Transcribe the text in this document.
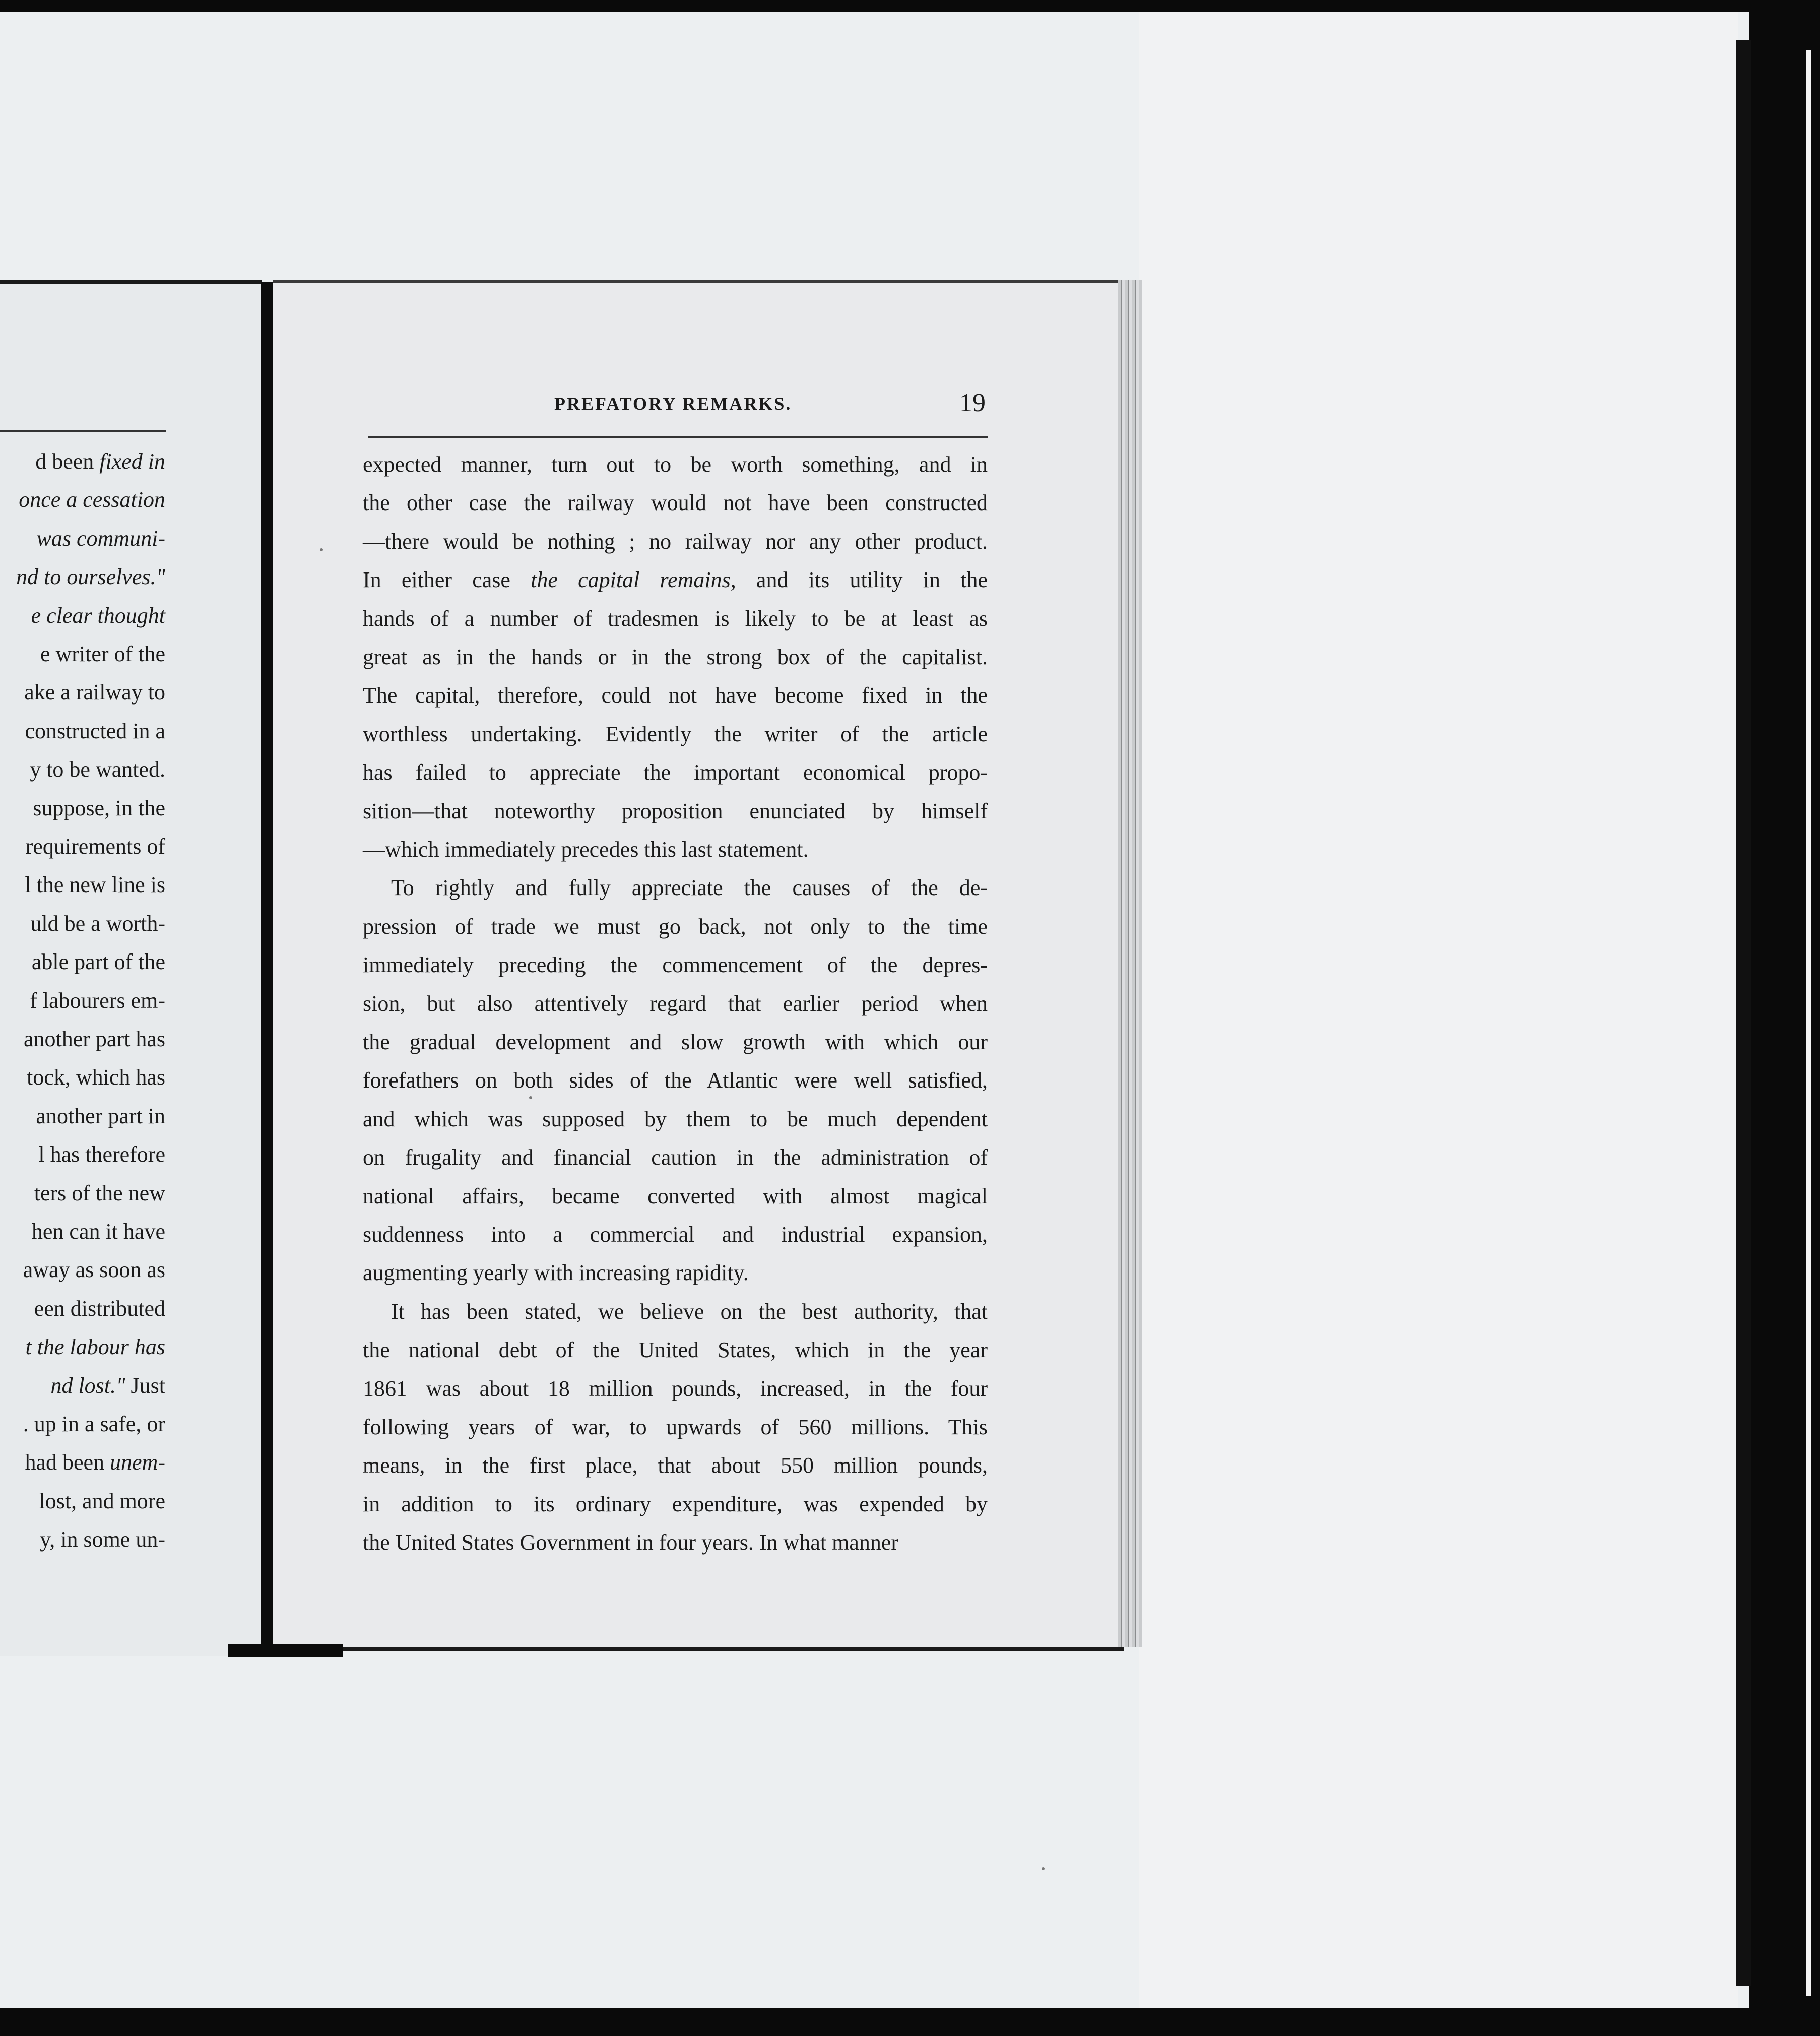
d been fixed in
once a cessation
was communi-
nd to ourselves."
e clear thought
e writer of the
ake a railway to
constructed in a
y to be wanted.
suppose, in the
requirements of
l the new line is
uld be a worth-
able part of the
f labourers em-
another part has
tock, which has
another part in
l has therefore
ters of the new
hen can it have
away as soon as
een distributed
t the labour has
nd lost." Just
. up in a safe, or
had been unem-
lost, and more
y, in some un-
PREFATORY REMARKS.	19
expected manner, turn out to be worth something, and in
the other case the railway would not have been constructed
—there would be nothing ; no railway nor any other product.
In either case the capital remains, and its utility in the
hands of a number of tradesmen is likely to be at least as
great as in the hands or in the strong box of the capitalist.
The capital, therefore, could not have become fixed in the
worthless undertaking. Evidently the writer of the article
has failed to appreciate the important economical propo-
sition—that noteworthy proposition enunciated by himself
—which immediately precedes this last statement.
To rightly and fully appreciate the causes of the de-
pression of trade we must go back, not only to the time
immediately preceding the commencement of the depres-
sion, but also attentively regard that earlier period when
the gradual development and slow growth with which our
forefathers on both sides of the Atlantic were well satisfied,
and which was supposed by them to be much dependent
on frugality and financial caution in the administration of
national affairs, became converted with almost magical
suddenness into a commercial and industrial expansion,
augmenting yearly with increasing rapidity.
It has been stated, we believe on the best authority, that
the national debt of the United States, which in the year
1861 was about 18 million pounds, increased, in the four
following years of war, to upwards of 560 millions. This
means, in the first place, that about 550 million pounds,
in addition to its ordinary expenditure, was expended by
the United States Government in four years. In what manner
